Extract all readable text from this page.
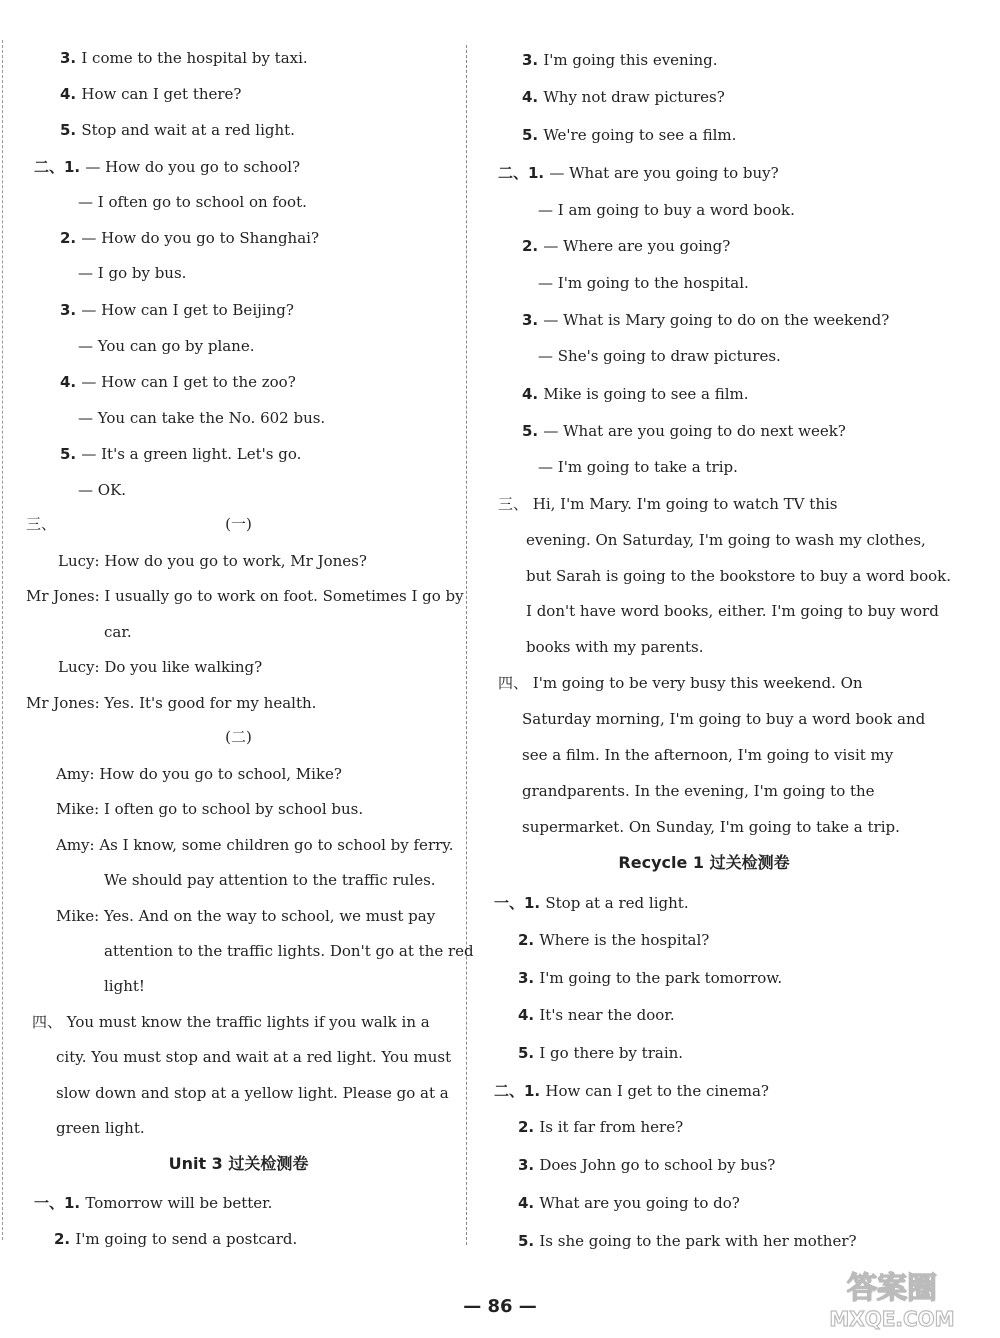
三、	(一)
(二)
Unit 3 过关检测卷
3. I come to the hospital by taxi.
4. How can I get there?
5. Stop and wait at a red light.
二、1. — How do you go to school?
— I often go to school on foot.
2. — How do you go to Shanghai?
— I go by bus.
3. — How can I get to Beijing?
— You can go by plane.
4. — How can I get to the zoo?
— You can take the No. 602 bus.
5. — It's a green light. Let's go.
— OK.
Lucy: How do you go to work, Mr Jones?
Mr Jones: I usually go to work on foot. Sometimes I go by
car.
Lucy: Do you like walking?
Mr Jones: Yes. It's good for my health.
Amy: How do you go to school, Mike?
Mike: I often go to school by school bus.
Amy: As I know, some children go to school by ferry.
We should pay attention to the traffic rules.
Mike: Yes. And on the way to school, we must pay
attention to the traffic lights. Don't go at the red
light!
四、 You must know the traffic lights if you walk in a
city. You must stop and wait at a red light. You must
slow down and stop at a yellow light. Please go at a
green light.
一、1. Tomorrow will be better.
2. I'm going to send a postcard.
Recycle 1 过关检测卷
3. I'm going this evening.
4. Why not draw pictures?
5. We're going to see a film.
二、1. — What are you going to buy?
— I am going to buy a word book.
2. — Where are you going?
— I'm going to the hospital.
3. — What is Mary going to do on the weekend?
— She's going to draw pictures.
4. Mike is going to see a film.
5. — What are you going to do next week?
— I'm going to take a trip.
三、 Hi, I'm Mary. I'm going to watch TV this
evening. On Saturday, I'm going to wash my clothes,
but Sarah is going to the bookstore to buy a word book.
I don't have word books, either. I'm going to buy word
books with my parents.
四、 I'm going to be very busy this weekend. On
Saturday morning, I'm going to buy a word book and
see a film. In the afternoon, I'm going to visit my
grandparents. In the evening, I'm going to the
supermarket. On Sunday, I'm going to take a trip.
一、1. Stop at a red light.
2. Where is the hospital?
3. I'm going to the park tomorrow.
4. It's near the door.
5. I go there by train.
二、1. How can I get to the cinema?
2. Is it far from here?
3. Does John go to school by bus?
4. What are you going to do?
5. Is she going to the park with her mother?
— 86 —
答案圈
MXQE.COM
